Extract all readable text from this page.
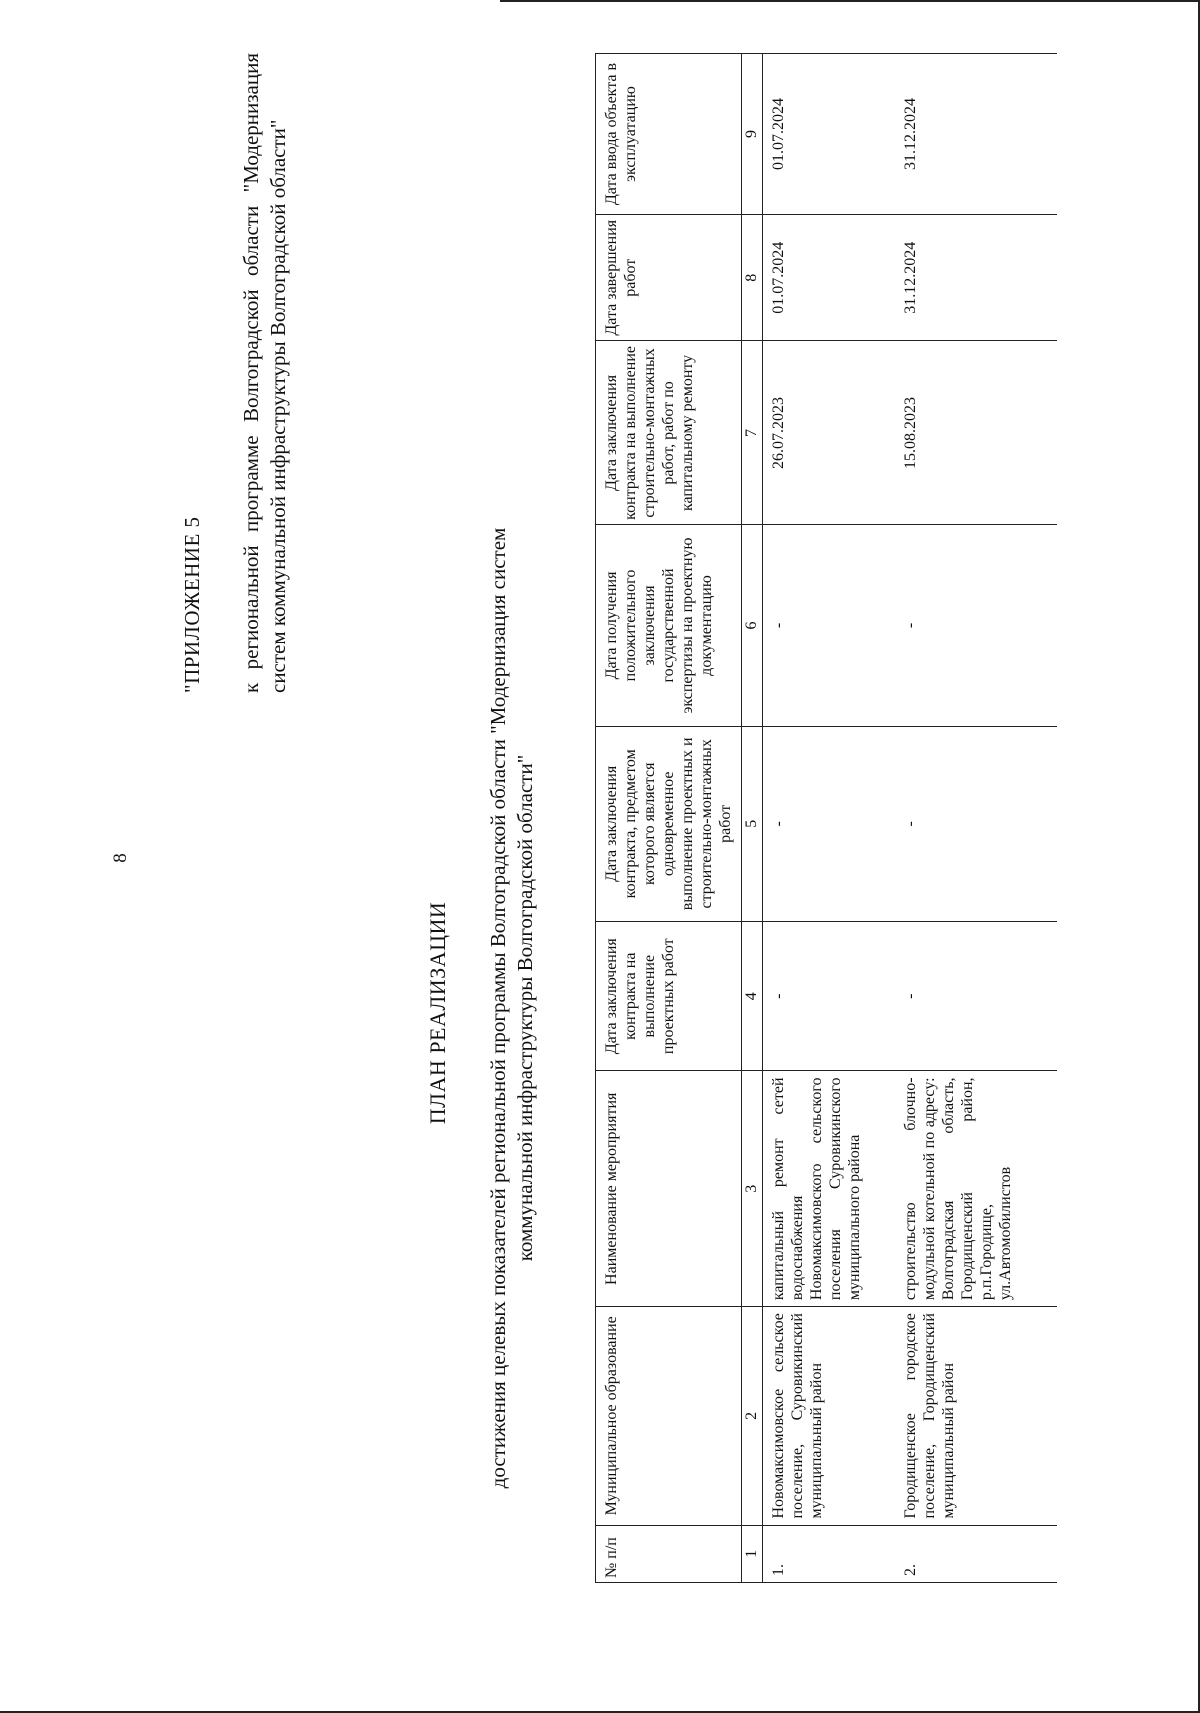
8
"ПРИЛОЖЕНИЕ 5 к региональной программе Волгоградской области "Модернизация систем коммунальной инфраструктуры Волгоградской области"
ПЛАН РЕАЛИЗАЦИИ достижения целевых показателей региональной программы Волгоградской области "Модернизация систем коммунальной инфраструктуры Волгоградской области"
№ п/п	Муниципальное образование	Наименование мероприятия	Дата заключения контракта на выполнение проектных работ	Дата заключения контракта, предметом которого является одновременное выполнение проектных и строительно-монтажных работ	Дата получения положительного заключения государственной экспертизы на проектную документацию	Дата заключения контракта на выполнение строительно-монтажных работ, работ по капитальному ремонту	Дата завершения работ	Дата ввода объекта в эксплуатацию
1	2	3	4	5	6	7	8	9
1.	Новомаксимовское сельское поселение, Суровикинский муниципальный район	капитальный ремонт сетей водоснабжения Новомаксимовского сельского поселения Суровикинского муниципального района	-	-	-	26.07.2023	01.07.2024	01.07.2024
2.	Городищенское городское поселение, Городищенский муниципальный район	строительство блочно-модульной котельной по адресу: Волгоградская область, Городищенский район, р.п.Городище, ул.Автомобилистов	-	-	-	15.08.2023	31.12.2024	31.12.2024
